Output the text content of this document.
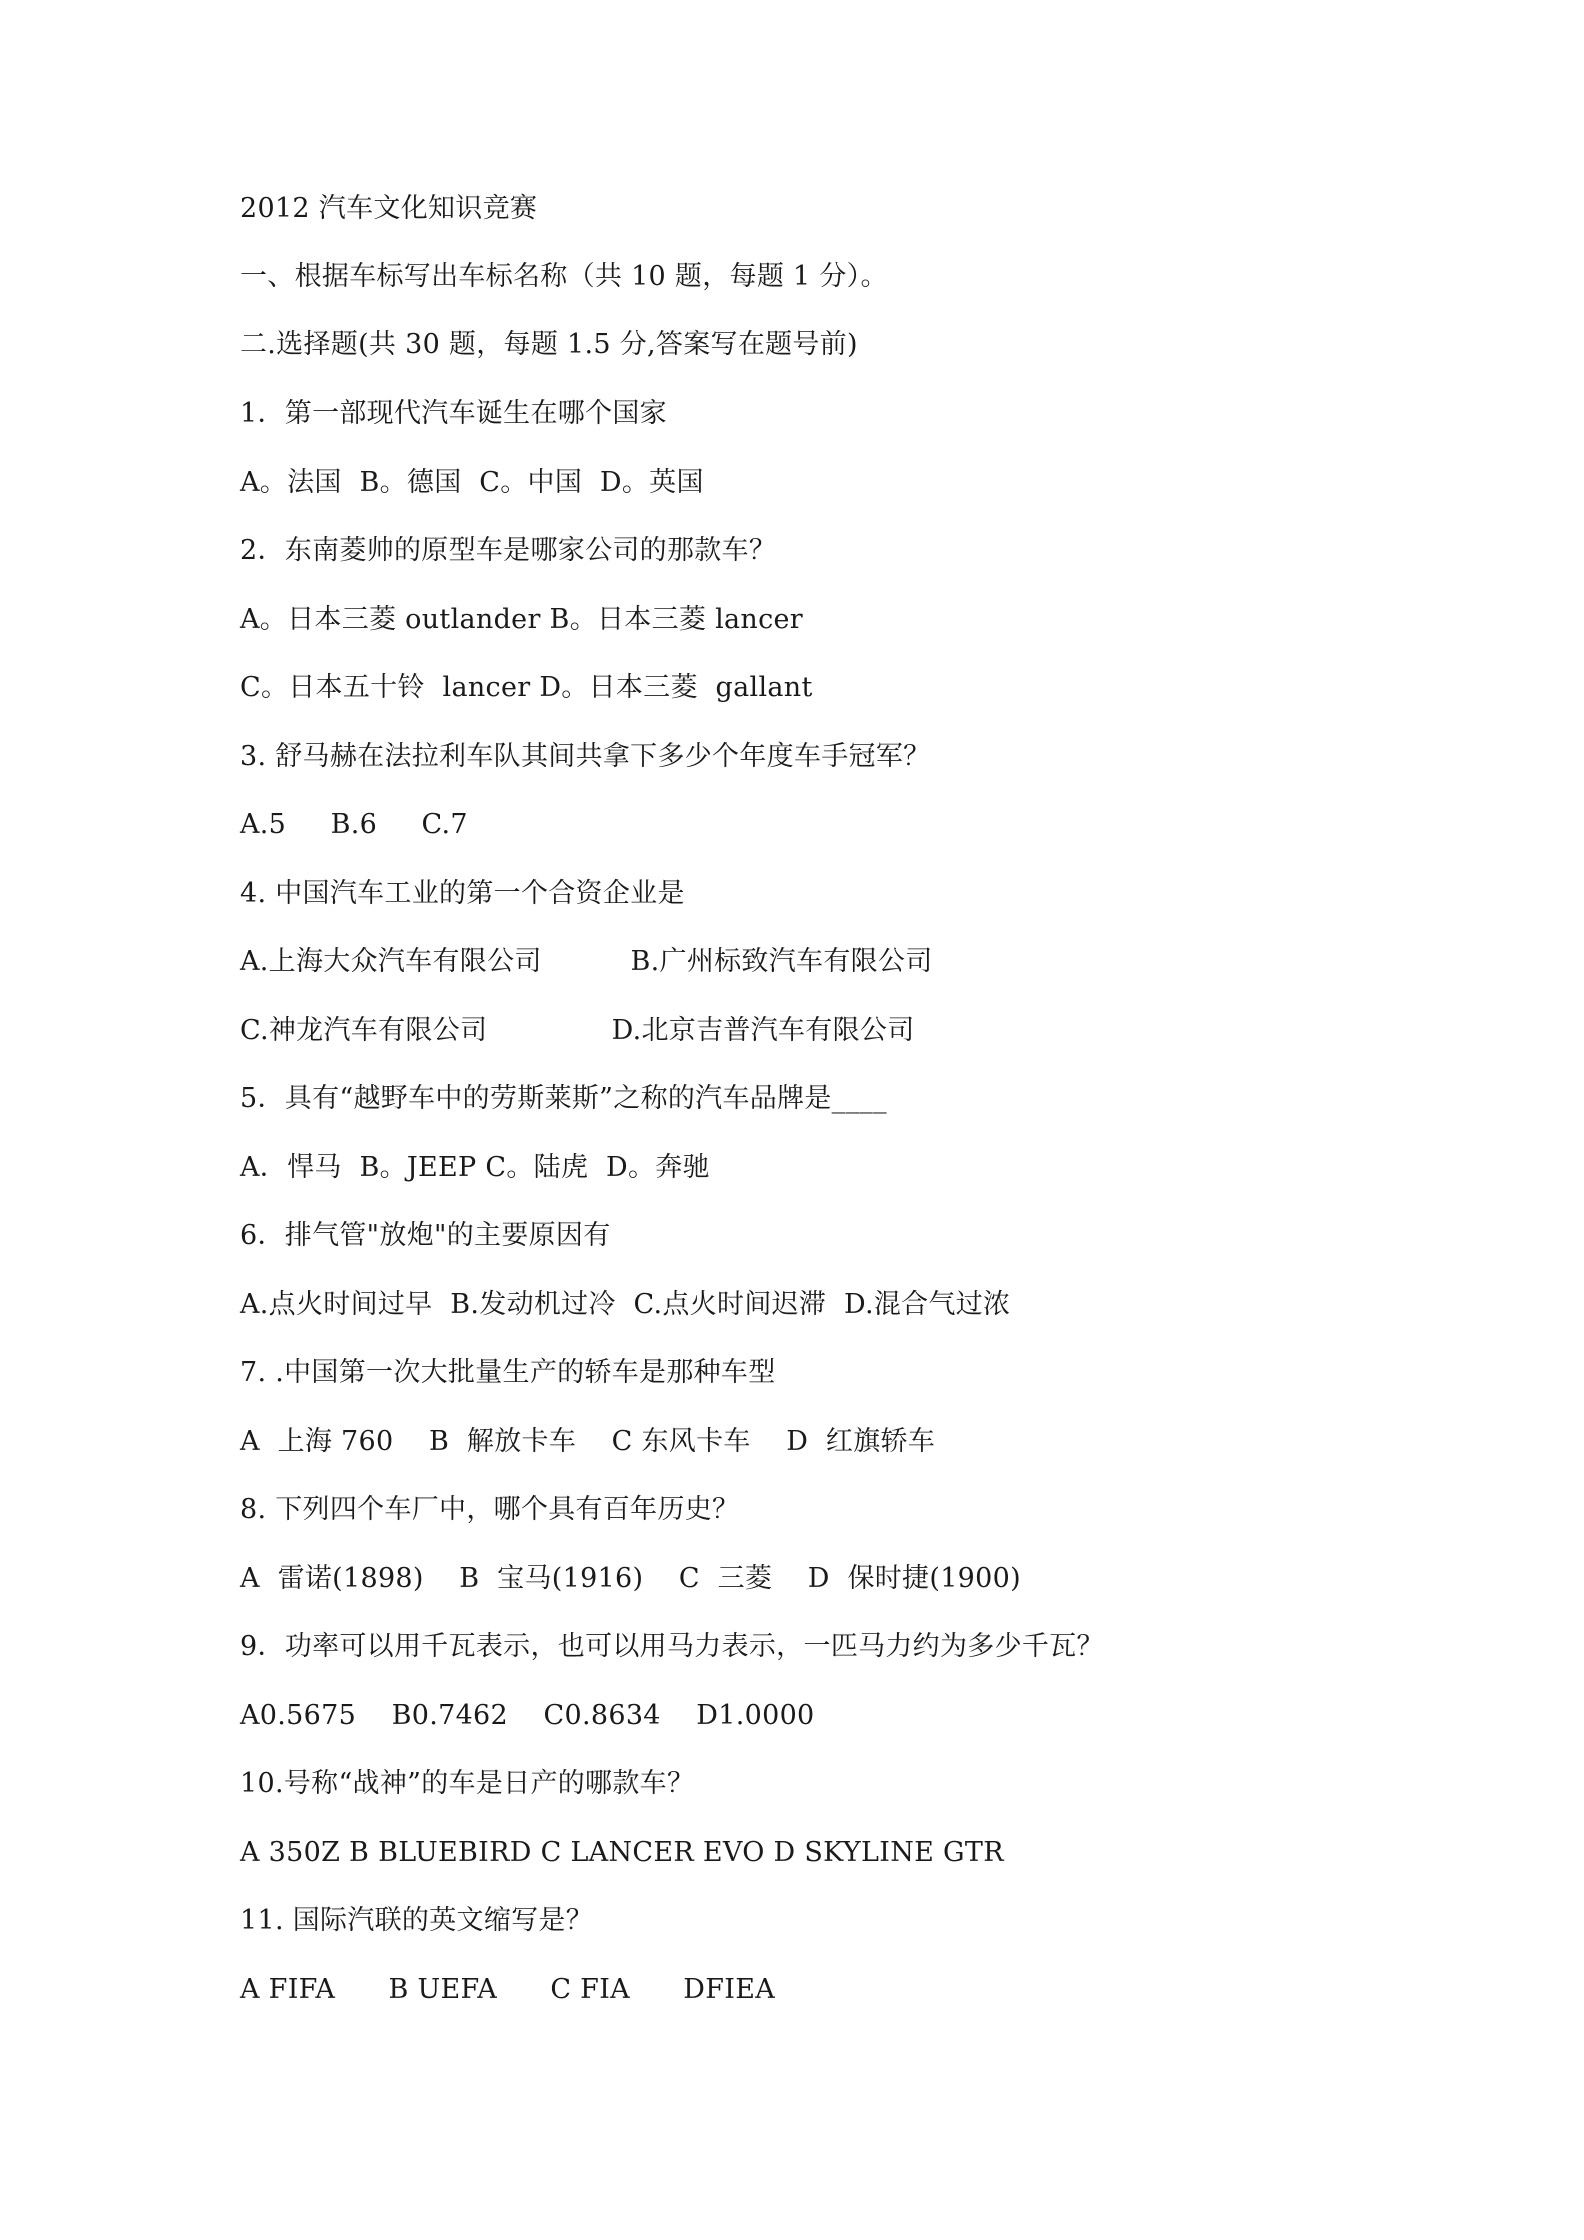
2012 汽车文化知识竞赛
一、根据车标写出车标名称（共 10 题，每题 1 分）。
二.选择题(共 30 题，每题 1.5 分,答案写在题号前)
1．第一部现代汽车诞生在哪个国家
A。法国  B。德国  C。中国  D。英国
2．东南菱帅的原型车是哪家公司的那款车？
A。日本三菱 outlander B。日本三菱 lancer
C。日本五十铃  lancer D。日本三菱  gallant
3. 舒马赫在法拉利车队其间共拿下多少个年度车手冠军？
A.5     B.6     C.7
4. 中国汽车工业的第一个合资企业是
A.上海大众汽车有限公司          B.广州标致汽车有限公司
C.神龙汽车有限公司              D.北京吉普汽车有限公司
5．具有“越野车中的劳斯莱斯”之称的汽车品牌是____
A．悍马  B。JEEP C。陆虎  D。奔驰
6．排气管"放炮"的主要原因有
A.点火时间过早  B.发动机过冷  C.点火时间迟滞  D.混合气过浓
7. .中国第一次大批量生产的轿车是那种车型
A  上海 760    B  解放卡车    C 东风卡车    D  红旗轿车
8. 下列四个车厂中，哪个具有百年历史？
A  雷诺(1898)    B  宝马(1916)    C  三菱    D  保时捷(1900)
9．功率可以用千瓦表示，也可以用马力表示，一匹马力约为多少千瓦？
A0.5675    B0.7462    C0.8634    D1.0000
10.号称“战神”的车是日产的哪款车？
A 350Z B BLUEBIRD C LANCER EVO D SKYLINE GTR
11. 国际汽联的英文缩写是？
A FIFA      B UEFA      C FIA      DFIEA
